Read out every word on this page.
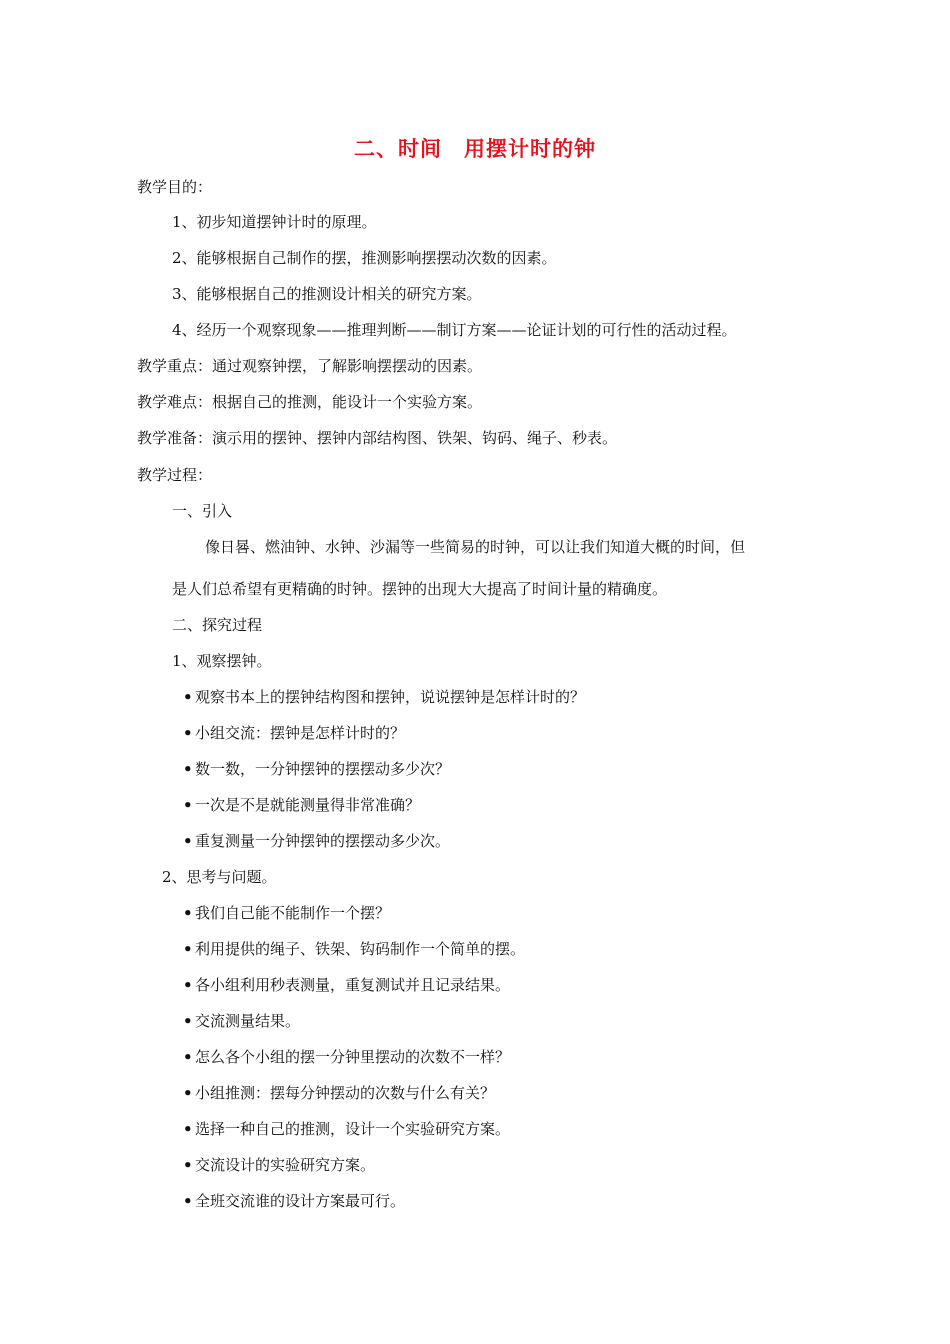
二、时间　用摆计时的钟
教学目的：
1、初步知道摆钟计时的原理。
2、能够根据自己制作的摆，推测影响摆摆动次数的因素。
3、能够根据自己的推测设计相关的研究方案。
4、经历一个观察现象——推理判断——制订方案——论证计划的可行性的活动过程。
教学重点：通过观察钟摆，了解影响摆摆动的因素。
教学难点：根据自己的推测，能设计一个实验方案。
教学准备：演示用的摆钟、摆钟内部结构图、铁架、钩码、绳子、秒表。
教学过程：
一、引入
像日晷、燃油钟、水钟、沙漏等一些简易的时钟，可以让我们知道大概的时间，但
是人们总希望有更精确的时钟。摆钟的出现大大提高了时间计量的精确度。
二、探究过程
1、观察摆钟。
• 观察书本上的摆钟结构图和摆钟，说说摆钟是怎样计时的？
• 小组交流：摆钟是怎样计时的？
• 数一数，一分钟摆钟的摆摆动多少次？
• 一次是不是就能测量得非常准确？
• 重复测量一分钟摆钟的摆摆动多少次。
2、思考与问题。
• 我们自己能不能制作一个摆？
• 利用提供的绳子、铁架、钩码制作一个简单的摆。
• 各小组利用秒表测量，重复测试并且记录结果。
• 交流测量结果。
• 怎么各个小组的摆一分钟里摆动的次数不一样？
• 小组推测：摆每分钟摆动的次数与什么有关？
• 选择一种自己的推测，设计一个实验研究方案。
• 交流设计的实验研究方案。
• 全班交流谁的设计方案最可行。
